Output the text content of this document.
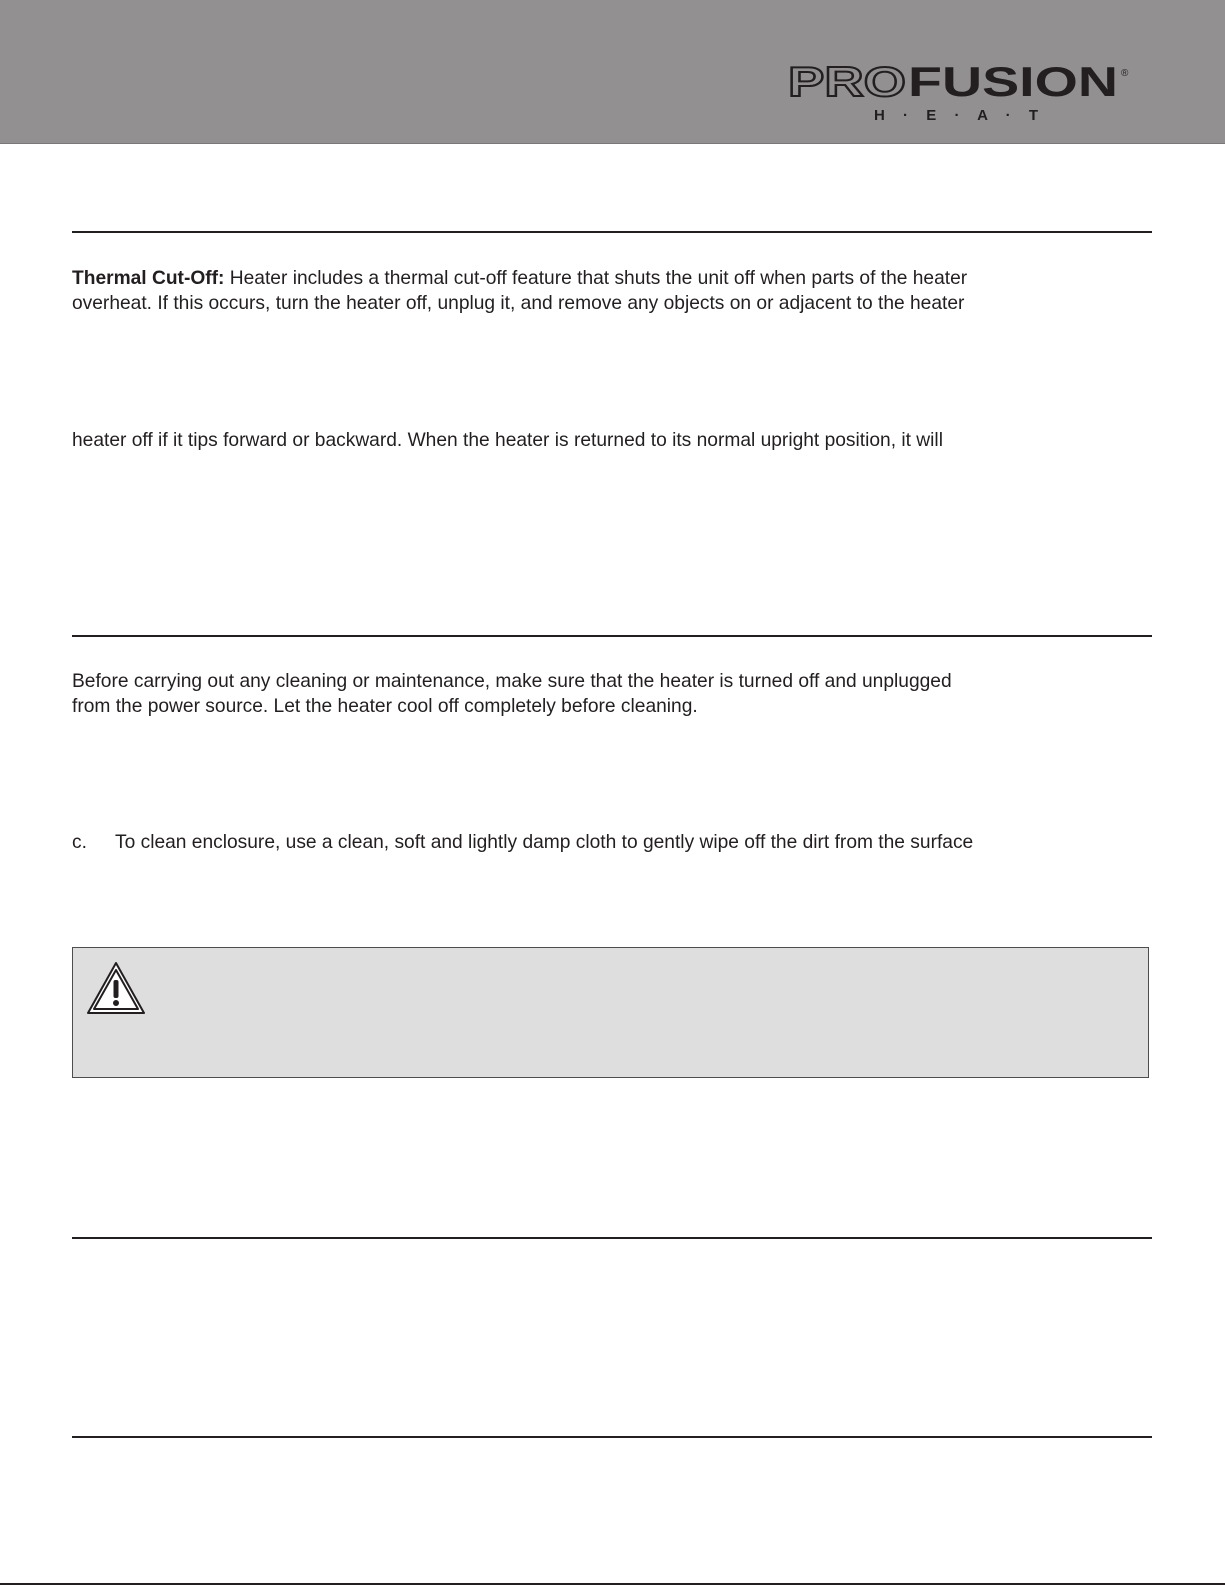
PRO FUSION ®
H · E · A · T

Thermal Cut-Off: Heater includes a thermal cut-off feature that shuts the unit off when parts of the heater
overheat. If this occurs, turn the heater off, unplug it, and remove any objects on or adjacent to the heater

heater off if it tips forward or backward. When the heater is returned to its normal upright position, it will

Before carrying out any cleaning or maintenance, make sure that the heater is turned off and unplugged
from the power source. Let the heater cool off completely before cleaning.

c. To clean enclosure, use a clean, soft and lightly damp cloth to gently wipe off the dirt from the surface
